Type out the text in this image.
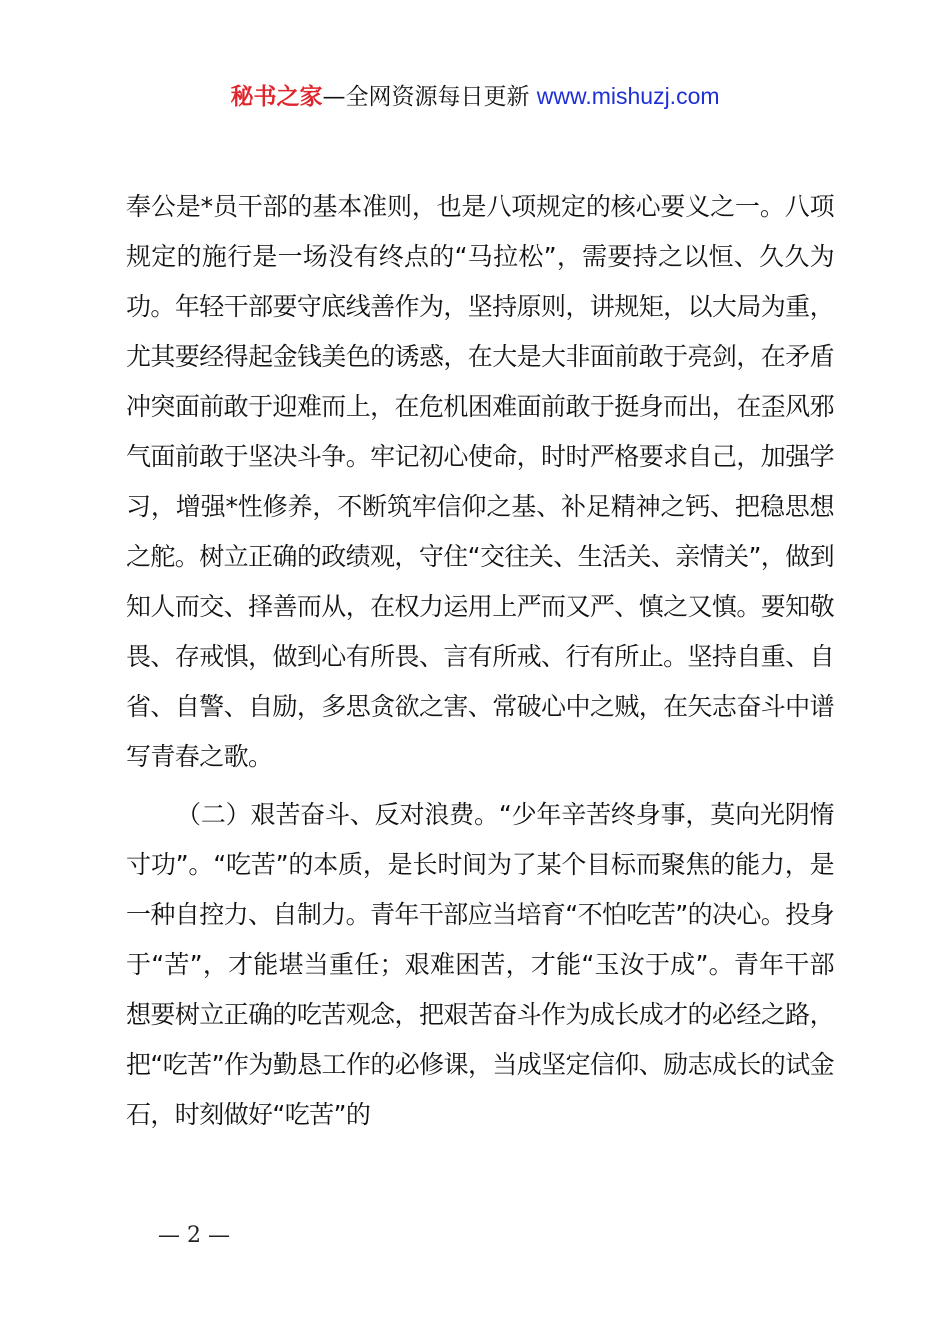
秘书之家—全网资源每日更新 www.mishuzj.com

奉公是*员干部的基本准则，也是八项规定的核心要义之一。八项规定的施行是一场没有终点的“马拉松”，需要持之以恒、久久为功。年轻干部要守底线善作为，坚持原则，讲规矩，以大局为重，尤其要经得起金钱美色的诱惑，在大是大非面前敢于亮剑，在矛盾冲突面前敢于迎难而上，在危机困难面前敢于挺身而出，在歪风邪气面前敢于坚决斗争。牢记初心使命，时时严格要求自己，加强学习，增强*性修养，不断筑牢信仰之基、补足精神之钙、把稳思想之舵。树立正确的政绩观，守住“交往关、生活关、亲情关”，做到知人而交、择善而从，在权力运用上严而又严、慎之又慎。要知敬畏、存戒惧，做到心有所畏、言有所戒、行有所止。坚持自重、自省、自警、自励，多思贪欲之害、常破心中之贼，在矢志奋斗中谱写青春之歌。

（二）艰苦奋斗、反对浪费。“少年辛苦终身事，莫向光阴惰寸功”。“吃苦”的本质，是长时间为了某个目标而聚焦的能力，是一种自控力、自制力。青年干部应当培育“不怕吃苦”的决心。投身于“苦”，才能堪当重任；艰难困苦，才能“玉汝于成”。青年干部想要树立正确的吃苦观念，把艰苦奋斗作为成长成才的必经之路，把“吃苦”作为勤恳工作的必修课，当成坚定信仰、励志成长的试金石，时刻做好“吃苦”的

— 2 —
